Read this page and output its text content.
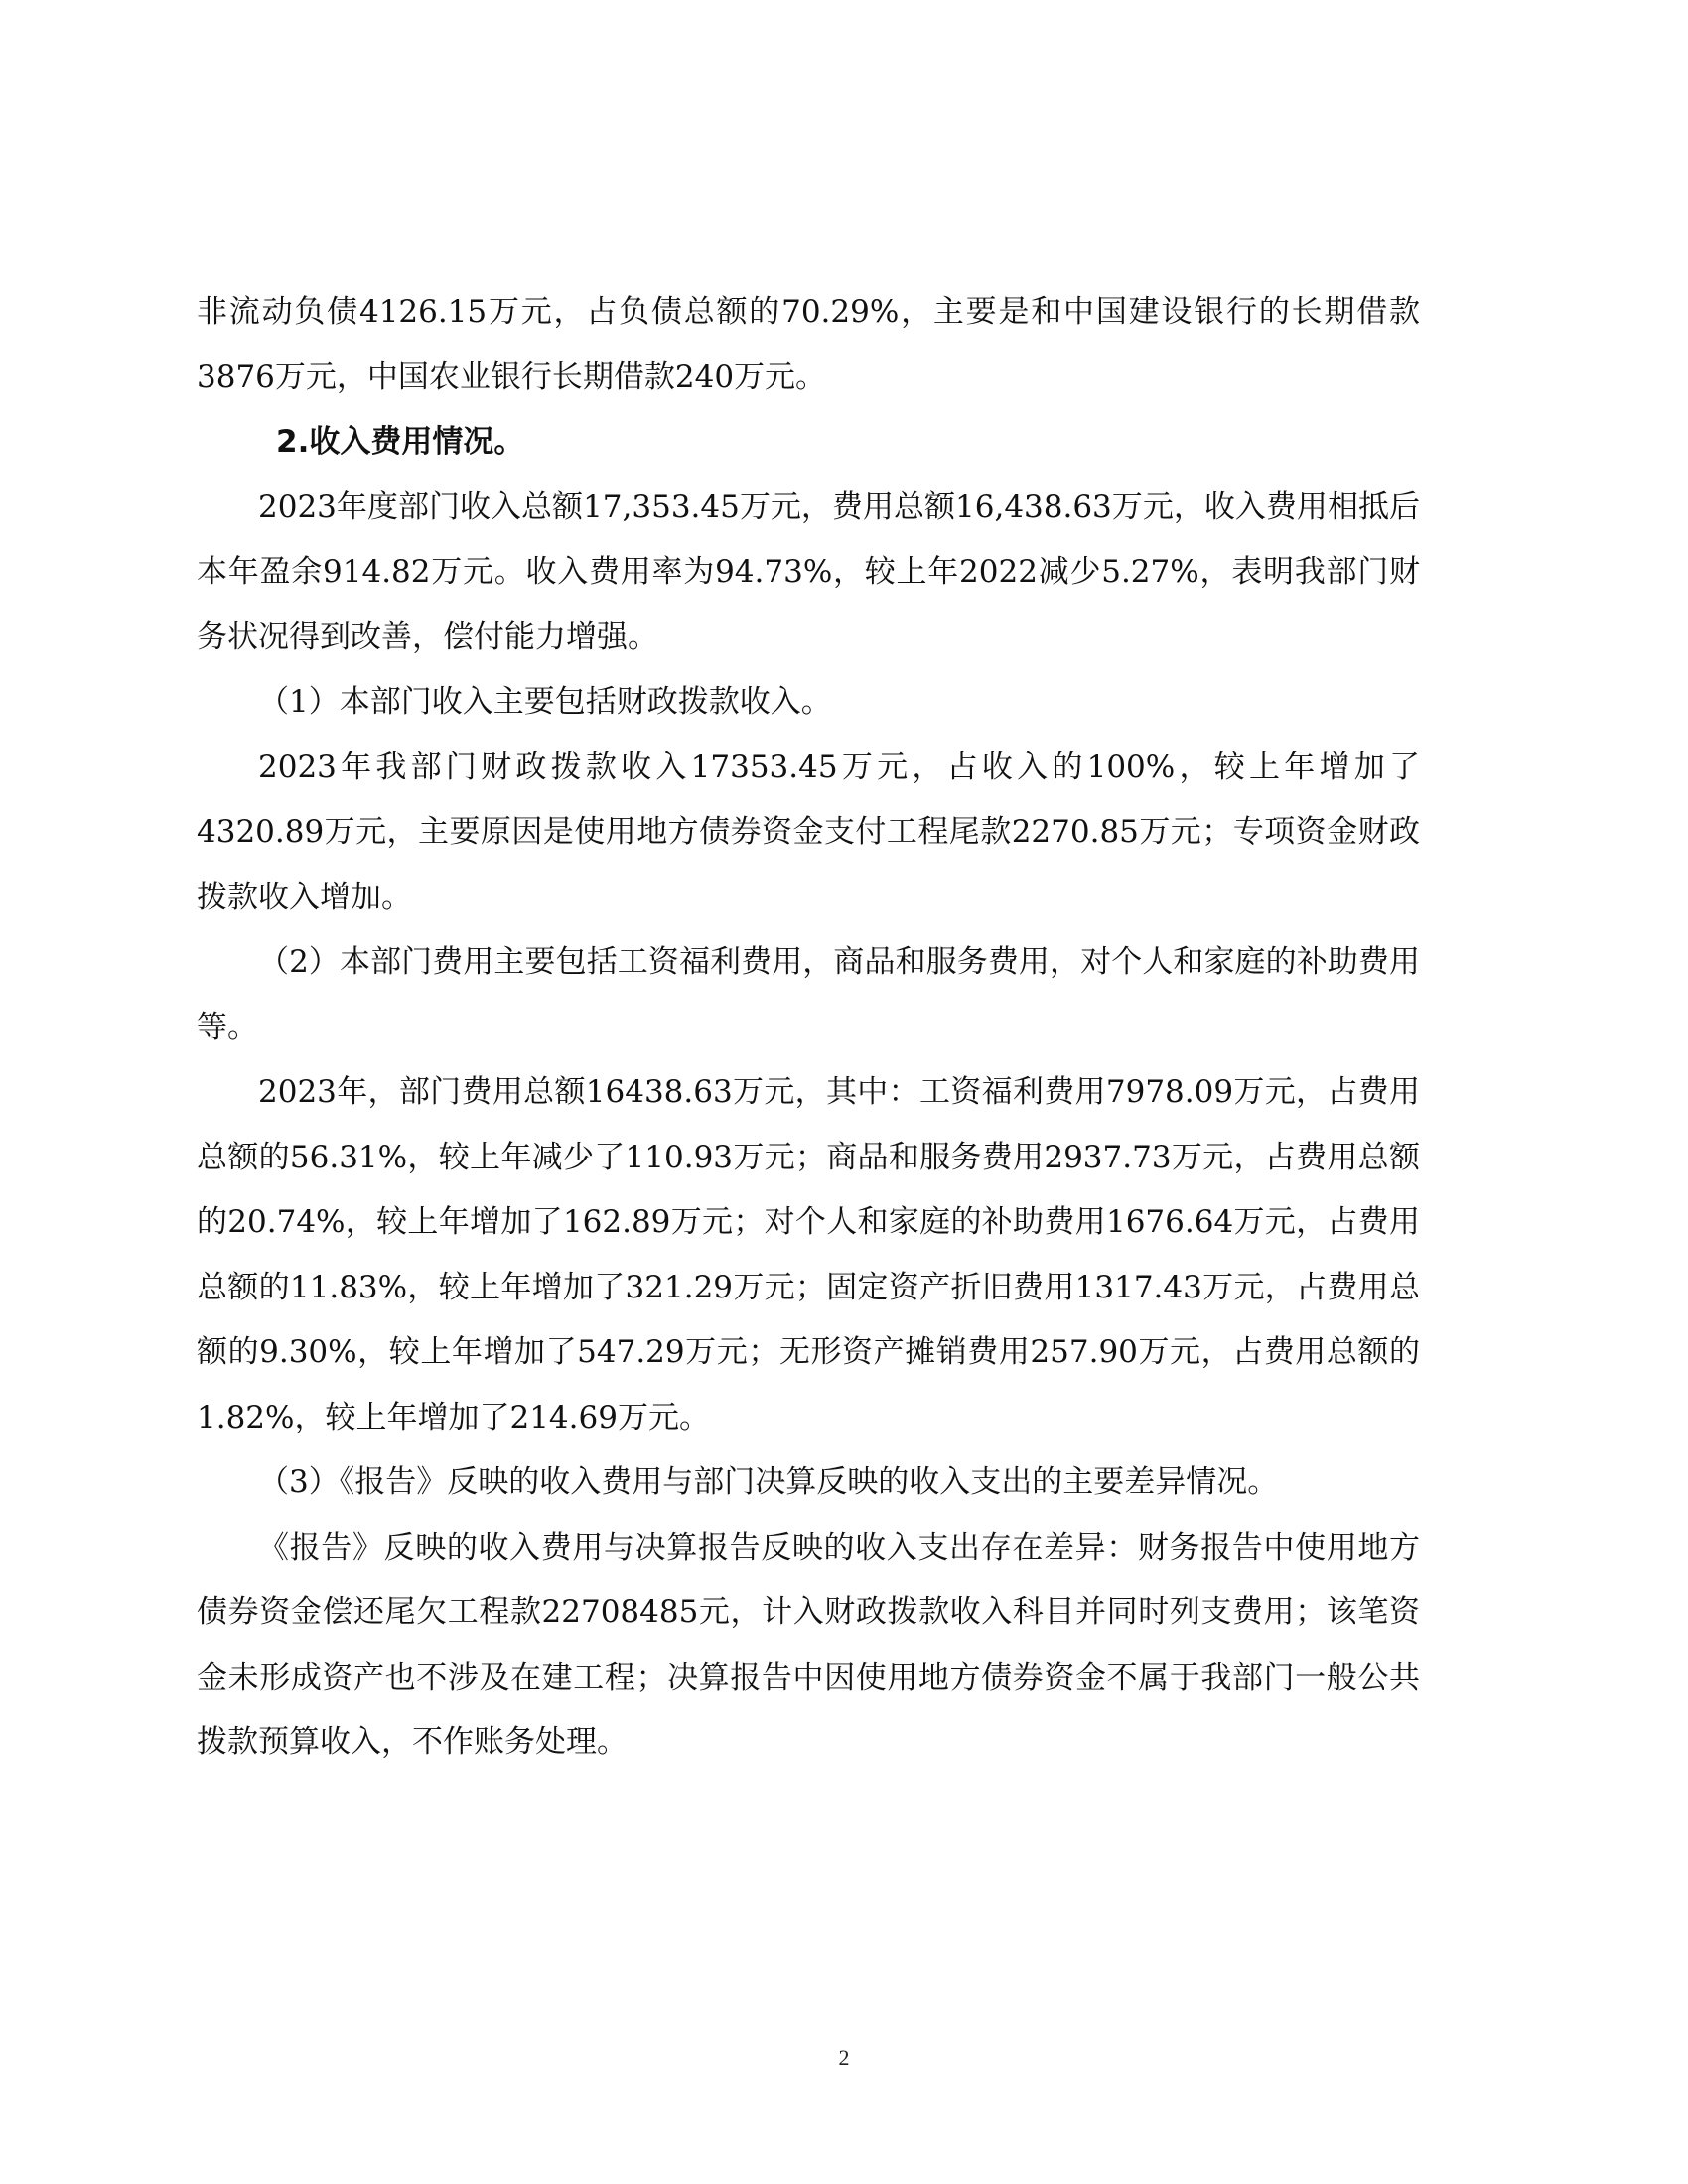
非流动负债4126.15万元，占负债总额的70.29%，主要是和中国建设银行的长期借款3876万元，中国农业银行长期借款240万元。

2.收入费用情况。

2023年度部门收入总额17,353.45万元，费用总额16,438.63万元，收入费用相抵后本年盈余914.82万元。收入费用率为94.73%，较上年2022减少5.27%，表明我部门财务状况得到改善，偿付能力增强。

（1）本部门收入主要包括财政拨款收入。

2023年我部门财政拨款收入17353.45万元，占收入的100%，较上年增加了4320.89万元，主要原因是使用地方债券资金支付工程尾款2270.85万元；专项资金财政拨款收入增加。

（2）本部门费用主要包括工资福利费用，商品和服务费用，对个人和家庭的补助费用等。

2023年，部门费用总额16438.63万元，其中：工资福利费用7978.09万元，占费用总额的56.31%，较上年减少了110.93万元；商品和服务费用2937.73万元，占费用总额的20.74%，较上年增加了162.89万元；对个人和家庭的补助费用1676.64万元，占费用总额的11.83%，较上年增加了321.29万元；固定资产折旧费用1317.43万元，占费用总额的9.30%，较上年增加了547.29万元；无形资产摊销费用257.90万元，占费用总额的1.82%，较上年增加了214.69万元。

（3）《报告》反映的收入费用与部门决算反映的收入支出的主要差异情况。

《报告》反映的收入费用与决算报告反映的收入支出存在差异：财务报告中使用地方债券资金偿还尾欠工程款22708485元，计入财政拨款收入科目并同时列支费用；该笔资金未形成资产也不涉及在建工程；决算报告中因使用地方债券资金不属于我部门一般公共拨款预算收入，不作账务处理。

2
